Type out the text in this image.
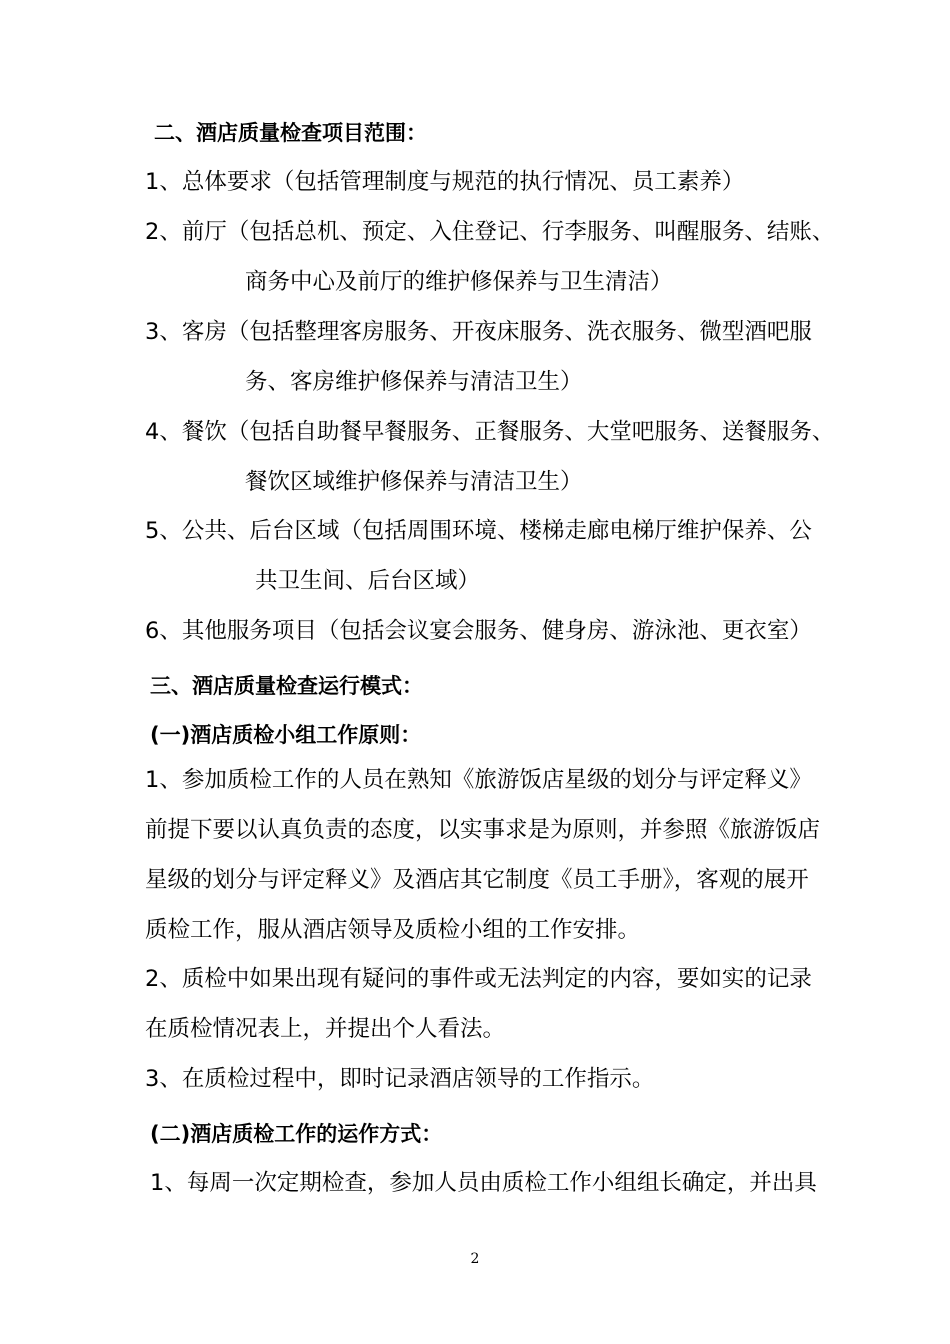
二、酒店质量检查项目范围：
1、总体要求（包括管理制度与规范的执行情况、员工素养）
2、前厅（包括总机、预定、入住登记、行李服务、叫醒服务、结账、
商务中心及前厅的维护修保养与卫生清洁）
3、客房（包括整理客房服务、开夜床服务、洗衣服务、微型酒吧服
务、客房维护修保养与清洁卫生）
4、餐饮（包括自助餐早餐服务、正餐服务、大堂吧服务、送餐服务、
餐饮区域维护修保养与清洁卫生）
5、公共、后台区域（包括周围环境、楼梯走廊电梯厅维护保养、公
共卫生间、后台区域）
6、其他服务项目（包括会议宴会服务、健身房、游泳池、更衣室）
三、酒店质量检查运行模式：
(一)酒店质检小组工作原则：
1、参加质检工作的人员在熟知《旅游饭店星级的划分与评定释义》
前提下要以认真负责的态度，以实事求是为原则，并参照《旅游饭店
星级的划分与评定释义》及酒店其它制度《员工手册》，客观的展开
质检工作，服从酒店领导及质检小组的工作安排。
2、质检中如果出现有疑问的事件或无法判定的内容，要如实的记录
在质检情况表上，并提出个人看法。
3、在质检过程中，即时记录酒店领导的工作指示。
(二)酒店质检工作的运作方式：
1、每周一次定期检查，参加人员由质检工作小组组长确定，并出具
2
